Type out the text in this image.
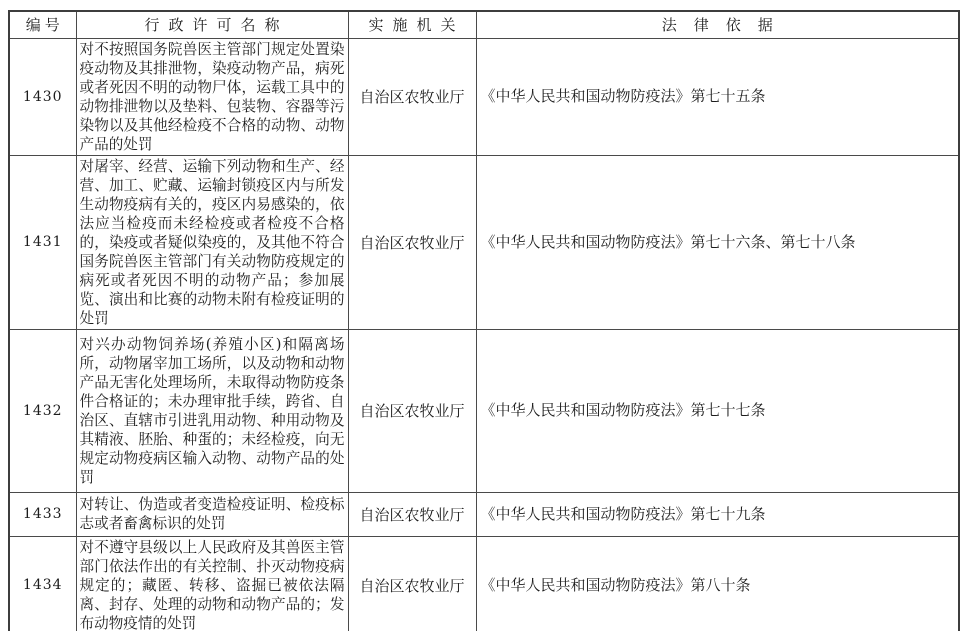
编号	行政许可名称	实施机关	法律依据
1430	对不按照国务院兽医主管部门规定处置染疫动物及其排泄物，染疫动物产品，病死或者死因不明的动物尸体，运载工具中的动物排泄物以及垫料、包装物、容器等污染物以及其他经检疫不合格的动物、动物产品的处罚	自治区农牧业厅	《中华人民共和国动物防疫法》第七十五条
1431	对屠宰、经营、运输下列动物和生产、经营、加工、贮藏、运输封锁疫区内与所发生动物疫病有关的，疫区内易感染的，依法应当检疫而未经检疫或者检疫不合格的，染疫或者疑似染疫的，及其他不符合国务院兽医主管部门有关动物防疫规定的病死或者死因不明的动物产品；参加展览、演出和比赛的动物未附有检疫证明的处罚	自治区农牧业厅	《中华人民共和国动物防疫法》第七十六条、第七十八条
1432	对兴办动物饲养场(养殖小区)和隔离场所，动物屠宰加工场所，以及动物和动物产品无害化处理场所，未取得动物防疫条件合格证的；未办理审批手续，跨省、自治区、直辖市引进乳用动物、种用动物及其精液、胚胎、种蛋的；未经检疫，向无规定动物疫病区输入动物、动物产品的处罚	自治区农牧业厅	《中华人民共和国动物防疫法》第七十七条
1433	对转让、伪造或者变造检疫证明、检疫标志或者畜禽标识的处罚	自治区农牧业厅	《中华人民共和国动物防疫法》第七十九条
1434	对不遵守县级以上人民政府及其兽医主管部门依法作出的有关控制、扑灭动物疫病规定的；藏匿、转移、盗掘已被依法隔离、封存、处理的动物和动物产品的；发布动物疫情的处罚	自治区农牧业厅	《中华人民共和国动物防疫法》第八十条
